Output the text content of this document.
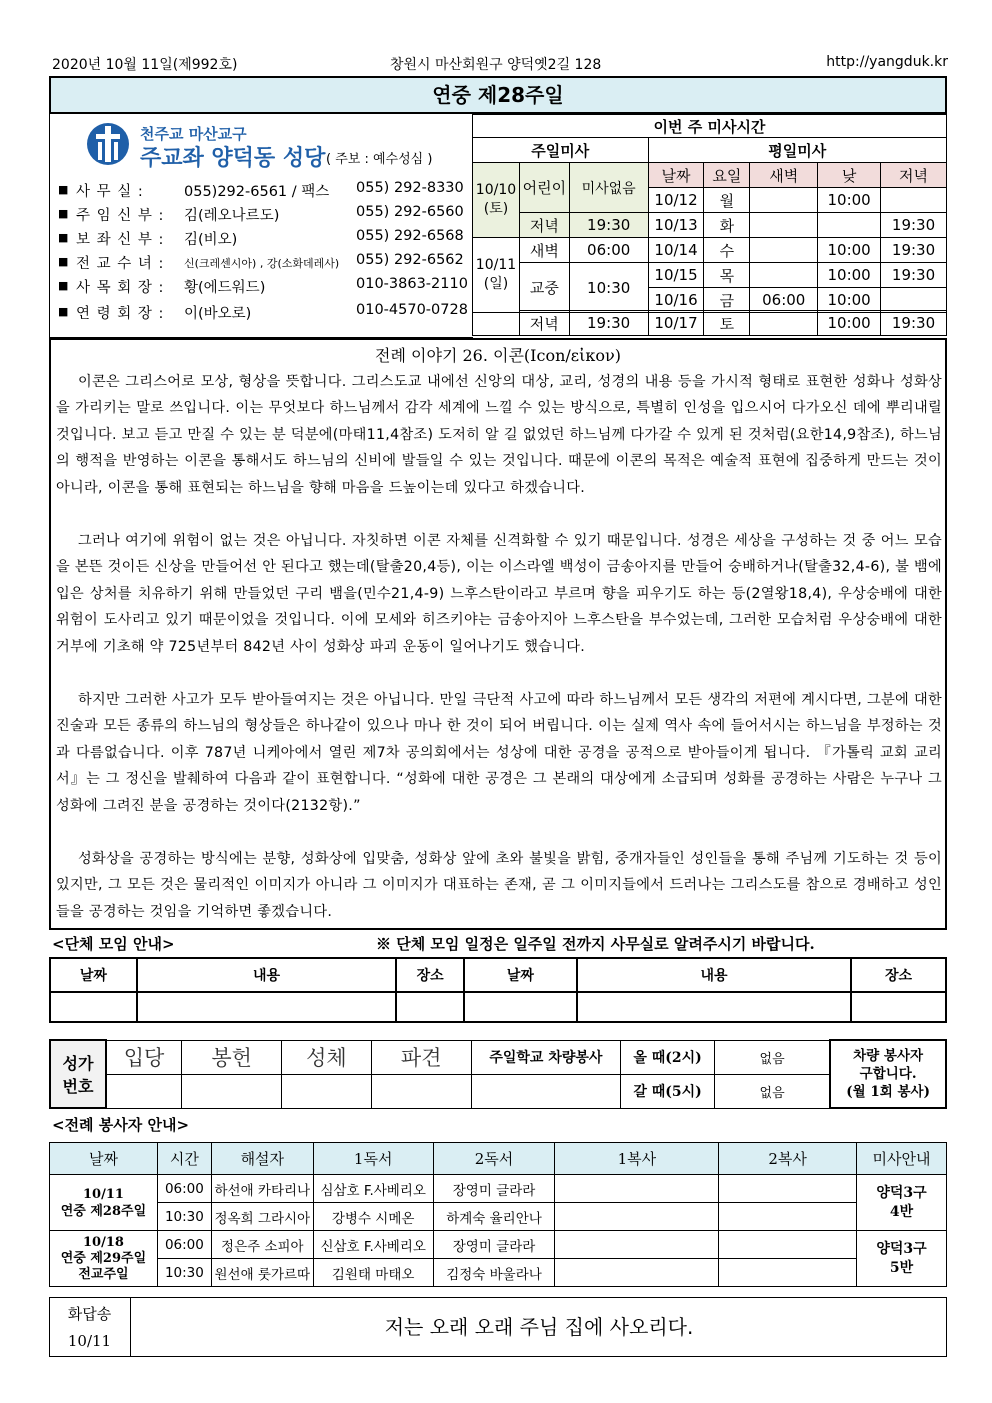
2020년 10월 11일(제992호)	창원시 마산회원구 양덕옛2길 128	http://yangduk.kr
연중 제28주일
천주교 마산교구
주교좌 양덕동 성당 ( 주보 : 예수성심 )
■ 사 무 실 :	055)292-6561 / 팩스 055) 292-8330
■ 주 임 신 부 : 김(레오나르도)	055) 292-6560
■ 보 좌 신 부 : 김(비오)	055) 292-6568
■ 전 교 수 녀 : 신(크레센시아) , 강(소화데레사) 055) 292-6562
■ 사 목 회 장 : 황(에드워드)	010-3863-2110
■ 연 령 회 장 : 이(바오로)	010-4570-0728
이번 주 미사시간							
주일미사			평일미사				
10/10
(토)	어린이	미사없음	날짜	요일	새벽	낮	저녁
			10/12	월		10:00	
	저녁	19:30	10/13	화			19:30
10/11
(일)	새벽	06:00	10/14	수		10:00	19:30
	교중	10:30	10/15	목		10:00	19:30
			10/16	금	06:00	10:00	

	저녁	19:30	10/17	토		10:00	19:30
전례 이야기 26. 이콘(Icon/εἰκον)
이콘은 그리스어로 모상, 형상을 뜻합니다. 그리스도교 내에선 신앙의 대상, 교리, 성경의 내용 등을 가시적 형태로 표현한 성화나 성화상을 가리키는 말로 쓰입니다. 이는 무엇보다 하느님께서 감각 세계에 느낄 수 있는 방식으로, 특별히 인성을 입으시어 다가오신 데에 뿌리내릴 것입니다. 보고 듣고 만질 수 있는 분 덕분에(마태11,4참조) 도저히 알 길 없었던 하느님께 다가갈 수 있게 된 것처럼(요한14,9참조), 하느님의 행적을 반영하는 이콘을 통해서도 하느님의 신비에 발들일 수 있는 것입니다. 때문에 이콘의 목적은 예술적 표현에 집중하게 만드는 것이 아니라, 이콘을 통해 표현되는 하느님을 향해 마음을 드높이는데 있다고 하겠습니다.
그러나 여기에 위험이 없는 것은 아닙니다. 자칫하면 이콘 자체를 신격화할 수 있기 때문입니다. 성경은 세상을 구성하는 것 중 어느 모습을 본뜬 것이든 신상을 만들어선 안 된다고 했는데(탈출20,4등), 이는 이스라엘 백성이 금송아지를 만들어 숭배하거나(탈출32,4-6), 불 뱀에 입은 상처를 치유하기 위해 만들었던 구리 뱀을(민수21,4-9) 느후스탄이라고 부르며 향을 피우기도 하는 등(2열왕18,4), 우상숭배에 대한 위험이 도사리고 있기 때문이었을 것입니다. 이에 모세와 히즈키야는 금송아지아 느후스탄을 부수었는데, 그러한 모습처럼 우상숭배에 대한 거부에 기초해 약 725년부터 842년 사이 성화상 파괴 운동이 일어나기도 했습니다.
하지만 그러한 사고가 모두 받아들여지는 것은 아닙니다. 만일 극단적 사고에 따라 하느님께서 모든 생각의 저편에 계시다면, 그분에 대한 진술과 모든 종류의 하느님의 형상들은 하나같이 있으나 마나 한 것이 되어 버립니다. 이는 실제 역사 속에 들어서시는 하느님을 부정하는 것과 다름없습니다. 이후 787년 니케아에서 열린 제7차 공의회에서는 성상에 대한 공경을 공적으로 받아들이게 됩니다. 『가톨릭 교회 교리서』는 그 정신을 발췌하여 다음과 같이 표현합니다. “성화에 대한 공경은 그 본래의 대상에게 소급되며 성화를 공경하는 사람은 누구나 그 성화에 그려진 분을 공경하는 것이다(2132항).”
성화상을 공경하는 방식에는 분향, 성화상에 입맞춤, 성화상 앞에 초와 불빛을 밝힘, 중개자들인 성인들을 통해 주님께 기도하는 것 등이 있지만, 그 모든 것은 물리적인 이미지가 아니라 그 이미지가 대표하는 존재, 곧 그 이미지들에서 드러나는 그리스도를 참으로 경배하고 성인들을 공경하는 것임을 기억하면 좋겠습니다.
<단체 모임 안내>	※ 단체 모임 일정은 일주일 전까지 사무실로 알려주시기 바랍니다.
날짜	내용	장소	날짜	내용	장소

성가
번호	입당	봉헌	성체	파견	주일학교 차량봉사	올 때(2시)	없음	차량 봉사자
구합니다.
(월 1회 봉사)
						갈 때(5시)	없음	
<전례 봉사자 안내>
날짜	시간	해설자	1독서	2독서	1복사	2복사	미사안내
10/11
연중 제28주일	06:00	하선애 카타리나	심삼호 F.사베리오	장영미 글라라			양덕3구
4반
	10:30	정옥희 그라시아	강병수 시메온	하계숙 율리안나			
10/18
연중 제29주일
전교주일	06:00	정은주 소피아	신삼호 F.사베리오	장영미 글라라			양덕3구
5반
	10:30	원선애 룻가르따	김원태 마태오	김정숙 바울라나			
화답송
10/11
저는 오래 오래 주님 집에 사오리다.
